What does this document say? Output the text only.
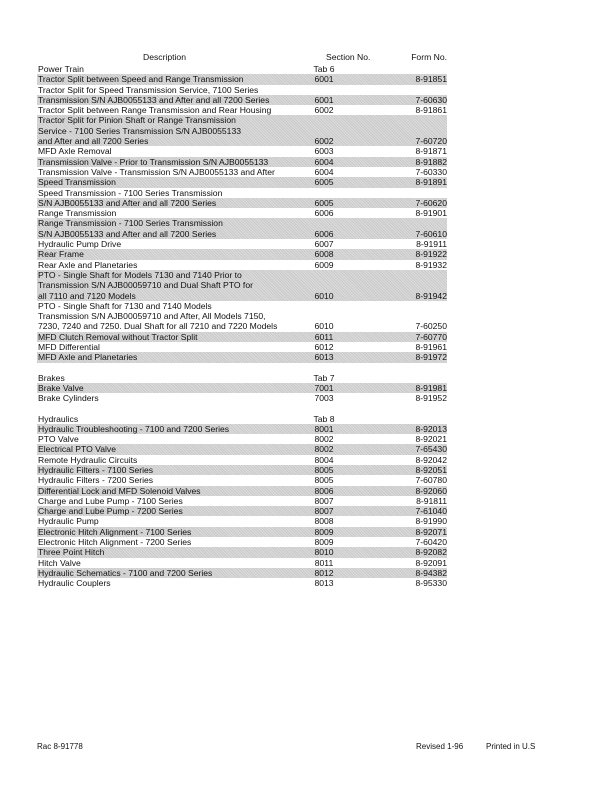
Description	Section No.	Form No.
Power Train	Tab 6
Tractor Split between Speed and Range Transmission	6001	8-91851
Tractor Split for Speed Transmission Service, 7100 Series
Transmission S/N AJB0055133 and After and all 7200 Series	6001	7-60630
Tractor Split between Range Transmission and Rear Housing	6002	8-91861
Tractor Split for Pinion Shaft or Range Transmission
Service - 7100 Series Transmission S/N AJB0055133
and After and all 7200 Series	6002	7-60720
MFD Axle Removal	6003	8-91871
Transmission Valve - Prior to Transmission S/N AJB0055133	6004	8-91882
Transmission Valve - Transmission S/N AJB0055133 and After	6004	7-60330
Speed Transmission	6005	8-91891
Speed Transmission - 7100 Series Transmission
S/N AJB0055133 and After and all 7200 Series	6005	7-60620
Range Transmission	6006	8-91901
Range Transmission - 7100 Series Transmission
S/N AJB0055133 and After and all 7200 Series	6006	7-60610
Hydraulic Pump Drive	6007	8-91911
Rear Frame	6008	8-91922
Rear Axle and Planetaries	6009	8-91932
PTO - Single Shaft for Models 7130 and 7140 Prior to
Transmission S/N AJB00059710 and Dual Shaft PTO for
all 7110 and 7120 Models	6010	8-91942
PTO - Single Shaft for 7130 and 7140 Models
Transmission S/N AJB00059710 and After, All Models 7150,
7230, 7240 and 7250. Dual Shaft for all 7210 and 7220 Models	6010	7-60250
MFD Clutch Removal without Tractor Split	6011	7-60770
MFD Differential	6012	8-91961
MFD Axle and Planetaries	6013	8-91972
Brakes	Tab 7
Brake Valve	7001	8-91981
Brake Cylinders	7003	8-91952
Hydraulics	Tab 8
Hydraulic Troubleshooting - 7100 and 7200 Series	8001	8-92013
PTO Valve	8002	8-92021
Electrical PTO Valve	8002	7-65430
Remote Hydraulic Circuits	8004	8-92042
Hydraulic Filters - 7100 Series	8005	8-92051
Hydraulic Filters - 7200 Series	8005	7-60780
Differential Lock and MFD Solenoid Valves	8006	8-92060
Charge and Lube Pump - 7100 Series	8007	8-91811
Charge and Lube Pump - 7200 Series	8007	7-61040
Hydraulic Pump	8008	8-91990
Electronic Hitch Alignment - 7100 Series	8009	8-92071
Electronic Hitch Alignment - 7200 Series	8009	7-60420
Three Point Hitch	8010	8-92082
Hitch Valve	8011	8-92091
Hydraulic Schematics - 7100 and 7200 Series	8012	8-94382
Hydraulic Couplers	8013	8-95330
Rac 8-91778	Revised 1-96	Printed in U.S
